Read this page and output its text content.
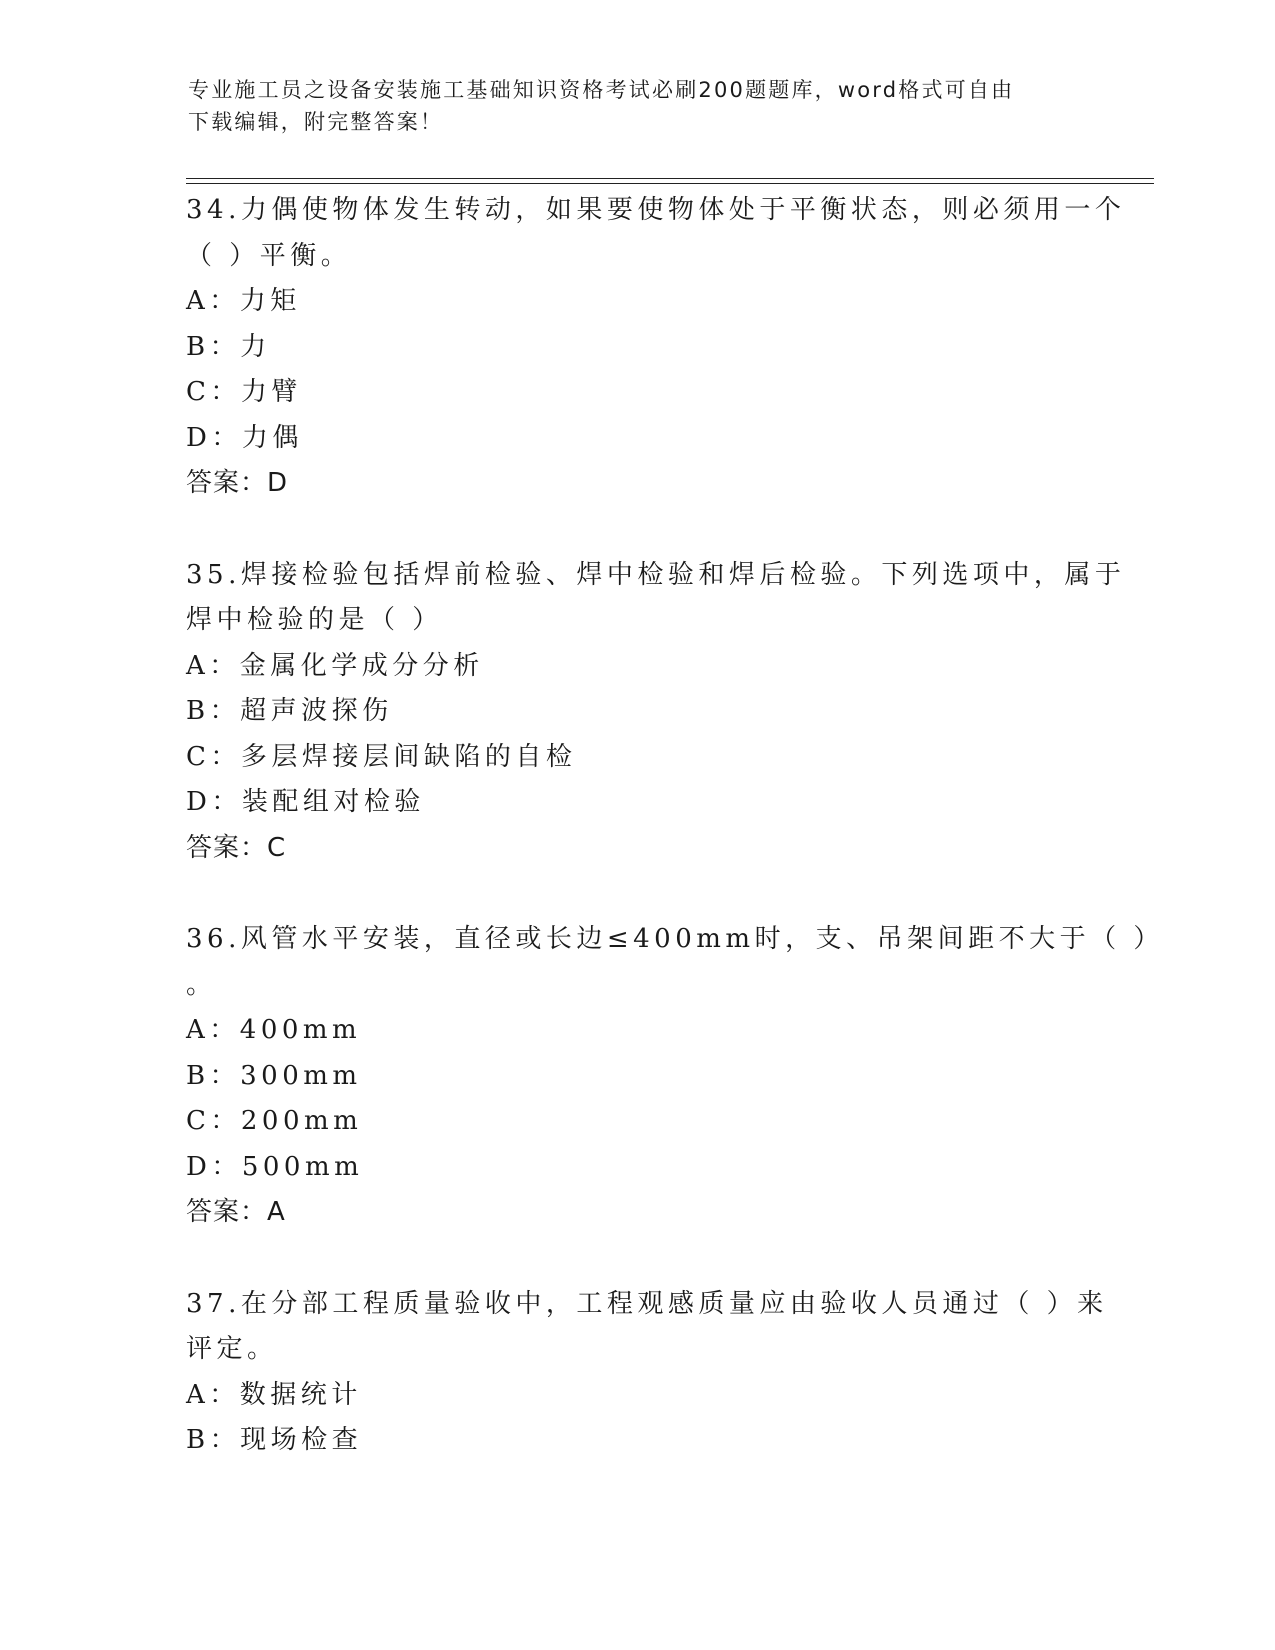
专业施工员之设备安装施工基础知识资格考试必刷200题题库，word格式可自由
下载编辑，附完整答案！
34.力偶使物体发生转动，如果要使物体处于平衡状态，则必须用一个
（ ）平衡。
A：力矩
B：力
C：力臂
D：力偶
答案：D
35.焊接检验包括焊前检验、焊中检验和焊后检验。下列选项中，属于
焊中检验的是（ ）
A：金属化学成分分析
B：超声波探伤
C：多层焊接层间缺陷的自检
D：装配组对检验
答案：C
36.风管水平安装，直径或长边≤400mm时，支、吊架间距不大于（ ）
。
A：400mm
B：300mm
C：200mm
D：500mm
答案：A
37.在分部工程质量验收中，工程观感质量应由验收人员通过（ ）来
评定。
A：数据统计
B：现场检查
